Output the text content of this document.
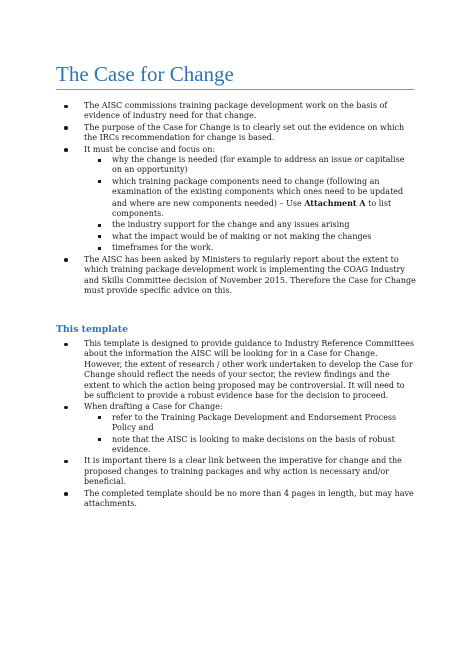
The Case for Change
The AISC commissions training package development work on the basis of evidence of industry need for that change.
The purpose of the Case for Change is to clearly set out the evidence on which the IRCs recommendation for change is based.
It must be concise and focus on:
why the change is needed (for example to address an issue or capitalise on an opportunity)
which training package components need to change (following an examination of the existing components which ones need to be updated and where are new components needed) – Use Attachment A to list components.
the industry support for the change and any issues arising
what the impact would be of making or not making the changes
timeframes for the work.
The AISC has been asked by Ministers to regularly report about the extent to which training package development work is implementing the COAG Industry and Skills Committee decision of November 2015. Therefore the Case for Change must provide specific advice on this.
This template
This template is designed to provide guidance to Industry Reference Committees about the information the AISC will be looking for in a Case for Change. However, the extent of research / other work undertaken to develop the Case for Change should reflect the needs of your sector, the review findings and the extent to which the action being proposed may be controversial. It will need to be sufficient to provide a robust evidence base for the decision to proceed.
When drafting a Case for Change:
refer to the Training Package Development and Endorsement Process Policy and
note that the AISC is looking to make decisions on the basis of robust evidence.
It is important there is a clear link between the imperative for change and the proposed changes to training packages and why action is necessary and/or beneficial.
The completed template should be no more than 4 pages in length, but may have attachments.
